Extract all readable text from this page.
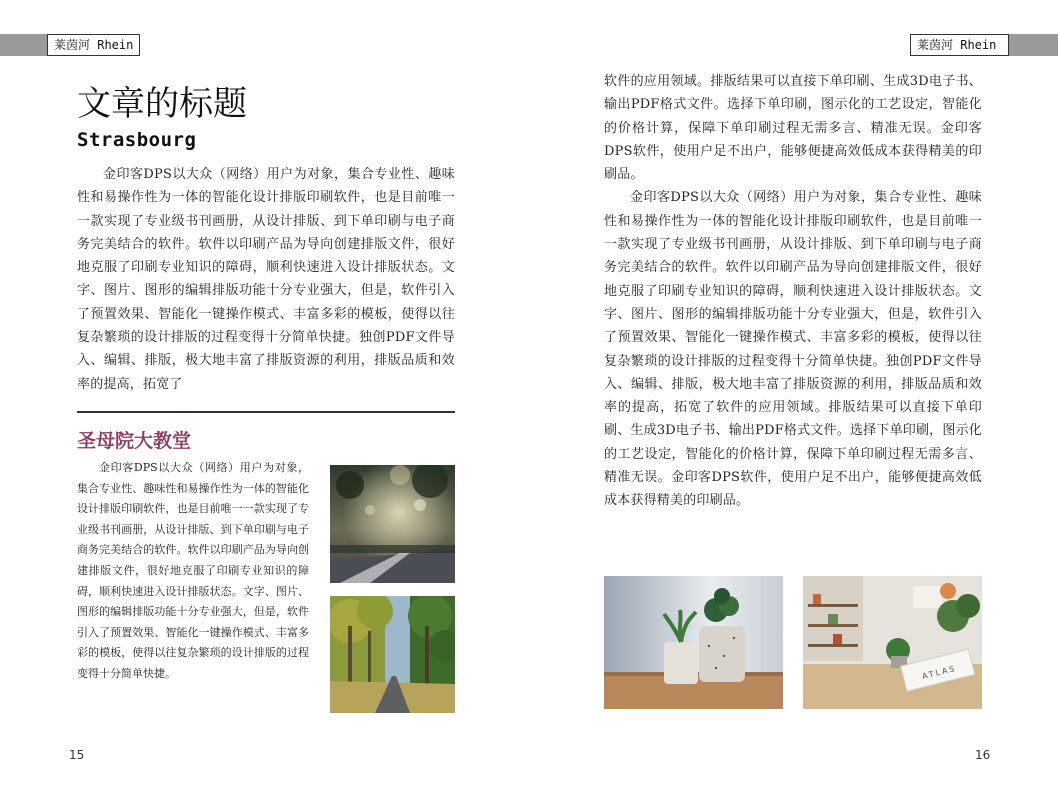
莱茵河 Rhein	莱茵河 Rhein
文章的标题
Strasbourg

金印客DPS以大众（网络）用户为对象，集合专业性、趣味性和易操作性为一体的智能化设计排版印刷软件，也是目前唯一一款实现了专业级书刊画册，从设计排版、到下单印刷与电子商务完美结合的软件。软件以印刷产品为导向创建排版文件，很好地克服了印刷专业知识的障碍，顺利快速进入设计排版状态。文字、图片、图形的编辑排版功能十分专业强大，但是，软件引入了预置效果、智能化一键操作模式、丰富多彩的模板，使得以往复杂繁琐的设计排版的过程变得十分简单快捷。独创PDF文件导入、编辑、排版，极大地丰富了排版资源的利用，排版品质和效率的提高，拓宽了

圣母院大教堂

金印客DPS以大众（网络）用户为对象，集合专业性、趣味性和易操作性为一体的智能化设计排版印刷软件，也是目前唯一一款实现了专业级书刊画册，从设计排版、到下单印刷与电子商务完美结合的软件。软件以印刷产品为导向创建排版文件，很好地克服了印刷专业知识的障碍，顺利快速进入设计排版状态。文字、图片、图形的编辑排版功能十分专业强大，但是，软件引入了预置效果、智能化一键操作模式、丰富多彩的模板，使得以往复杂繁琐的设计排版的过程变得十分简单快捷。

15

软件的应用领域。排版结果可以直接下单印刷、生成3D电子书、输出PDF格式文件。选择下单印刷，图示化的工艺设定，智能化的价格计算，保障下单印刷过程无需多言、精准无误。金印客DPS软件，使用户足不出户，能够便捷高效低成本获得精美的印刷品。

金印客DPS以大众（网络）用户为对象，集合专业性、趣味性和易操作性为一体的智能化设计排版印刷软件，也是目前唯一一款实现了专业级书刊画册，从设计排版、到下单印刷与电子商务完美结合的软件。软件以印刷产品为导向创建排版文件，很好地克服了印刷专业知识的障碍，顺利快速进入设计排版状态。文字、图片、图形的编辑排版功能十分专业强大，但是，软件引入了预置效果、智能化一键操作模式、丰富多彩的模板，使得以往复杂繁琐的设计排版的过程变得十分简单快捷。独创PDF文件导入、编辑、排版，极大地丰富了排版资源的利用，排版品质和效率的提高，拓宽了软件的应用领域。排版结果可以直接下单印刷、生成3D电子书、输出PDF格式文件。选择下单印刷，图示化的工艺设定，智能化的价格计算，保障下单印刷过程无需多言、精准无误。金印客DPS软件，使用户足不出户，能够便捷高效低成本获得精美的印刷品。

ATLAS
16
